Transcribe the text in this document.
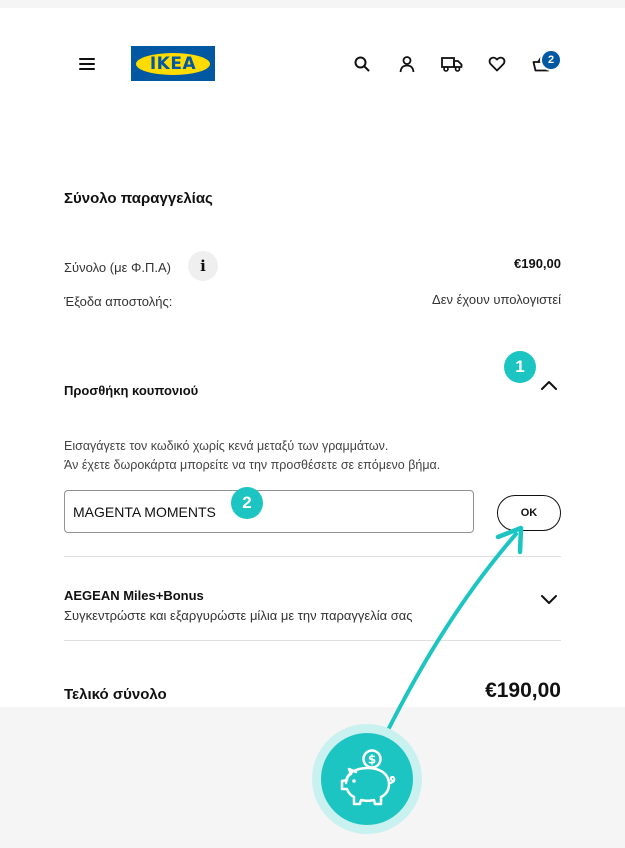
IKEA	2
Σύνολο παραγγελίας
Σύνολο (με Φ.Π.Α)	i	€190,00
Έξοδα αποστολής:	Δεν έχουν υπολογιστεί
Προσθήκη κουπονιού
Εισαγάγετε τον κωδικό χωρίς κενά μεταξύ των γραμμάτων.
Άν έχετε δωροκάρτα μπορείτε να την προσθέσετε σε επόμενο βήμα.
MAGENTA MOMENTS
OK
AEGEAN Miles+Bonus
Συγκεντρώστε και εξαργυρώστε μίλια με την παραγγελία σας
Τελικό σύνολο	€190,00
1
2
$
